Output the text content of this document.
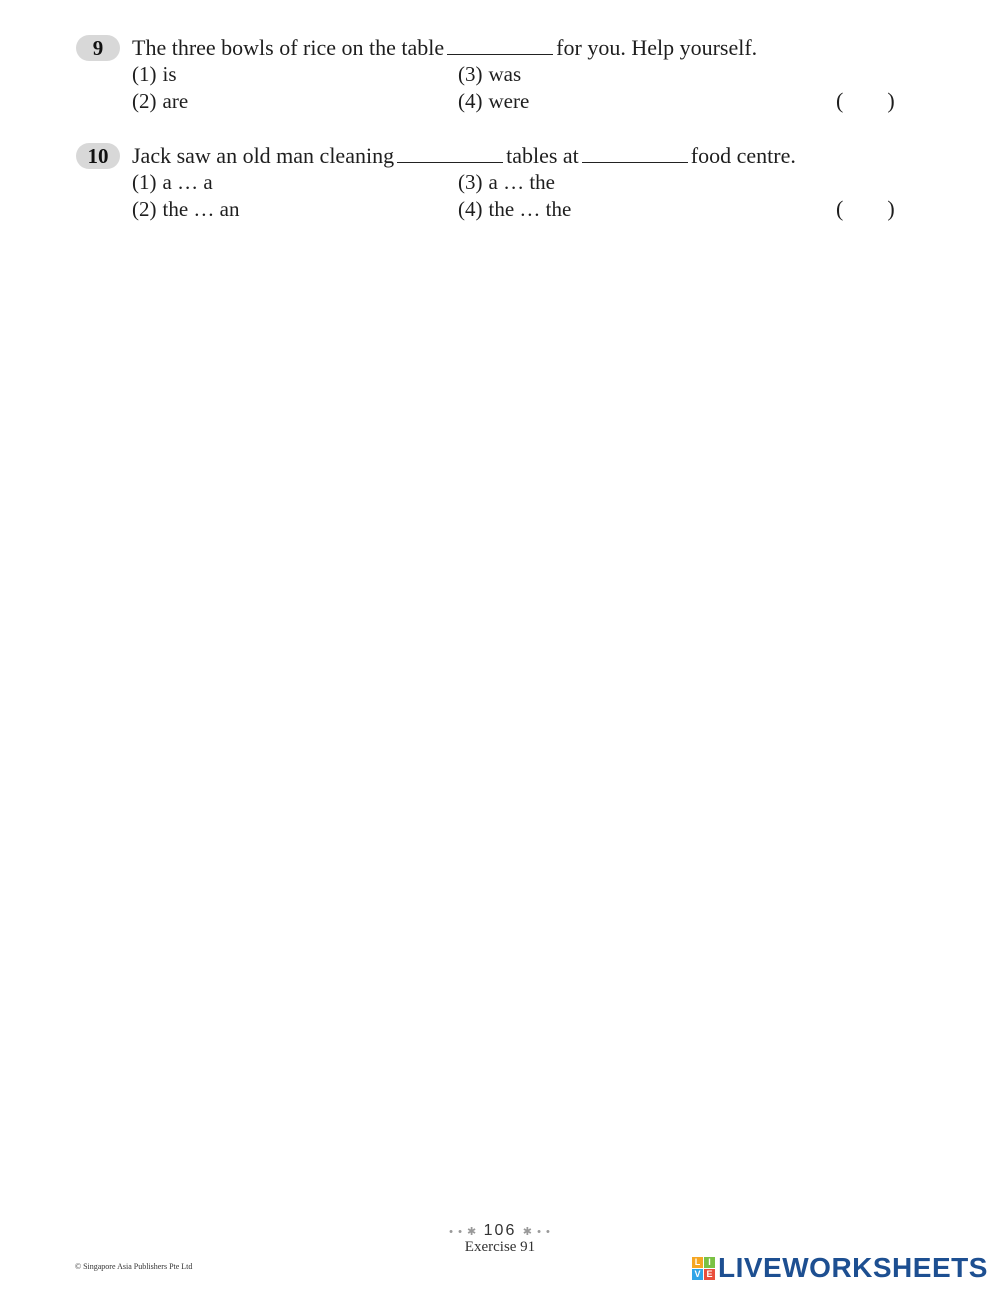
9	The three bowls of rice on the table	for you. Help yourself.
(1) is
(2) are
(3) was
(4) were	(        )
10	Jack saw an old man cleaning	tables at	food centre.
(1) a … a
(2) the … an
(3) a … the
(4) the … the	(        )
• • ✱ 106 ✱ • •
Exercise 91
© Singapore Asia Publishers Pte Ltd	L I
V E LIVEWORKSHEETS
